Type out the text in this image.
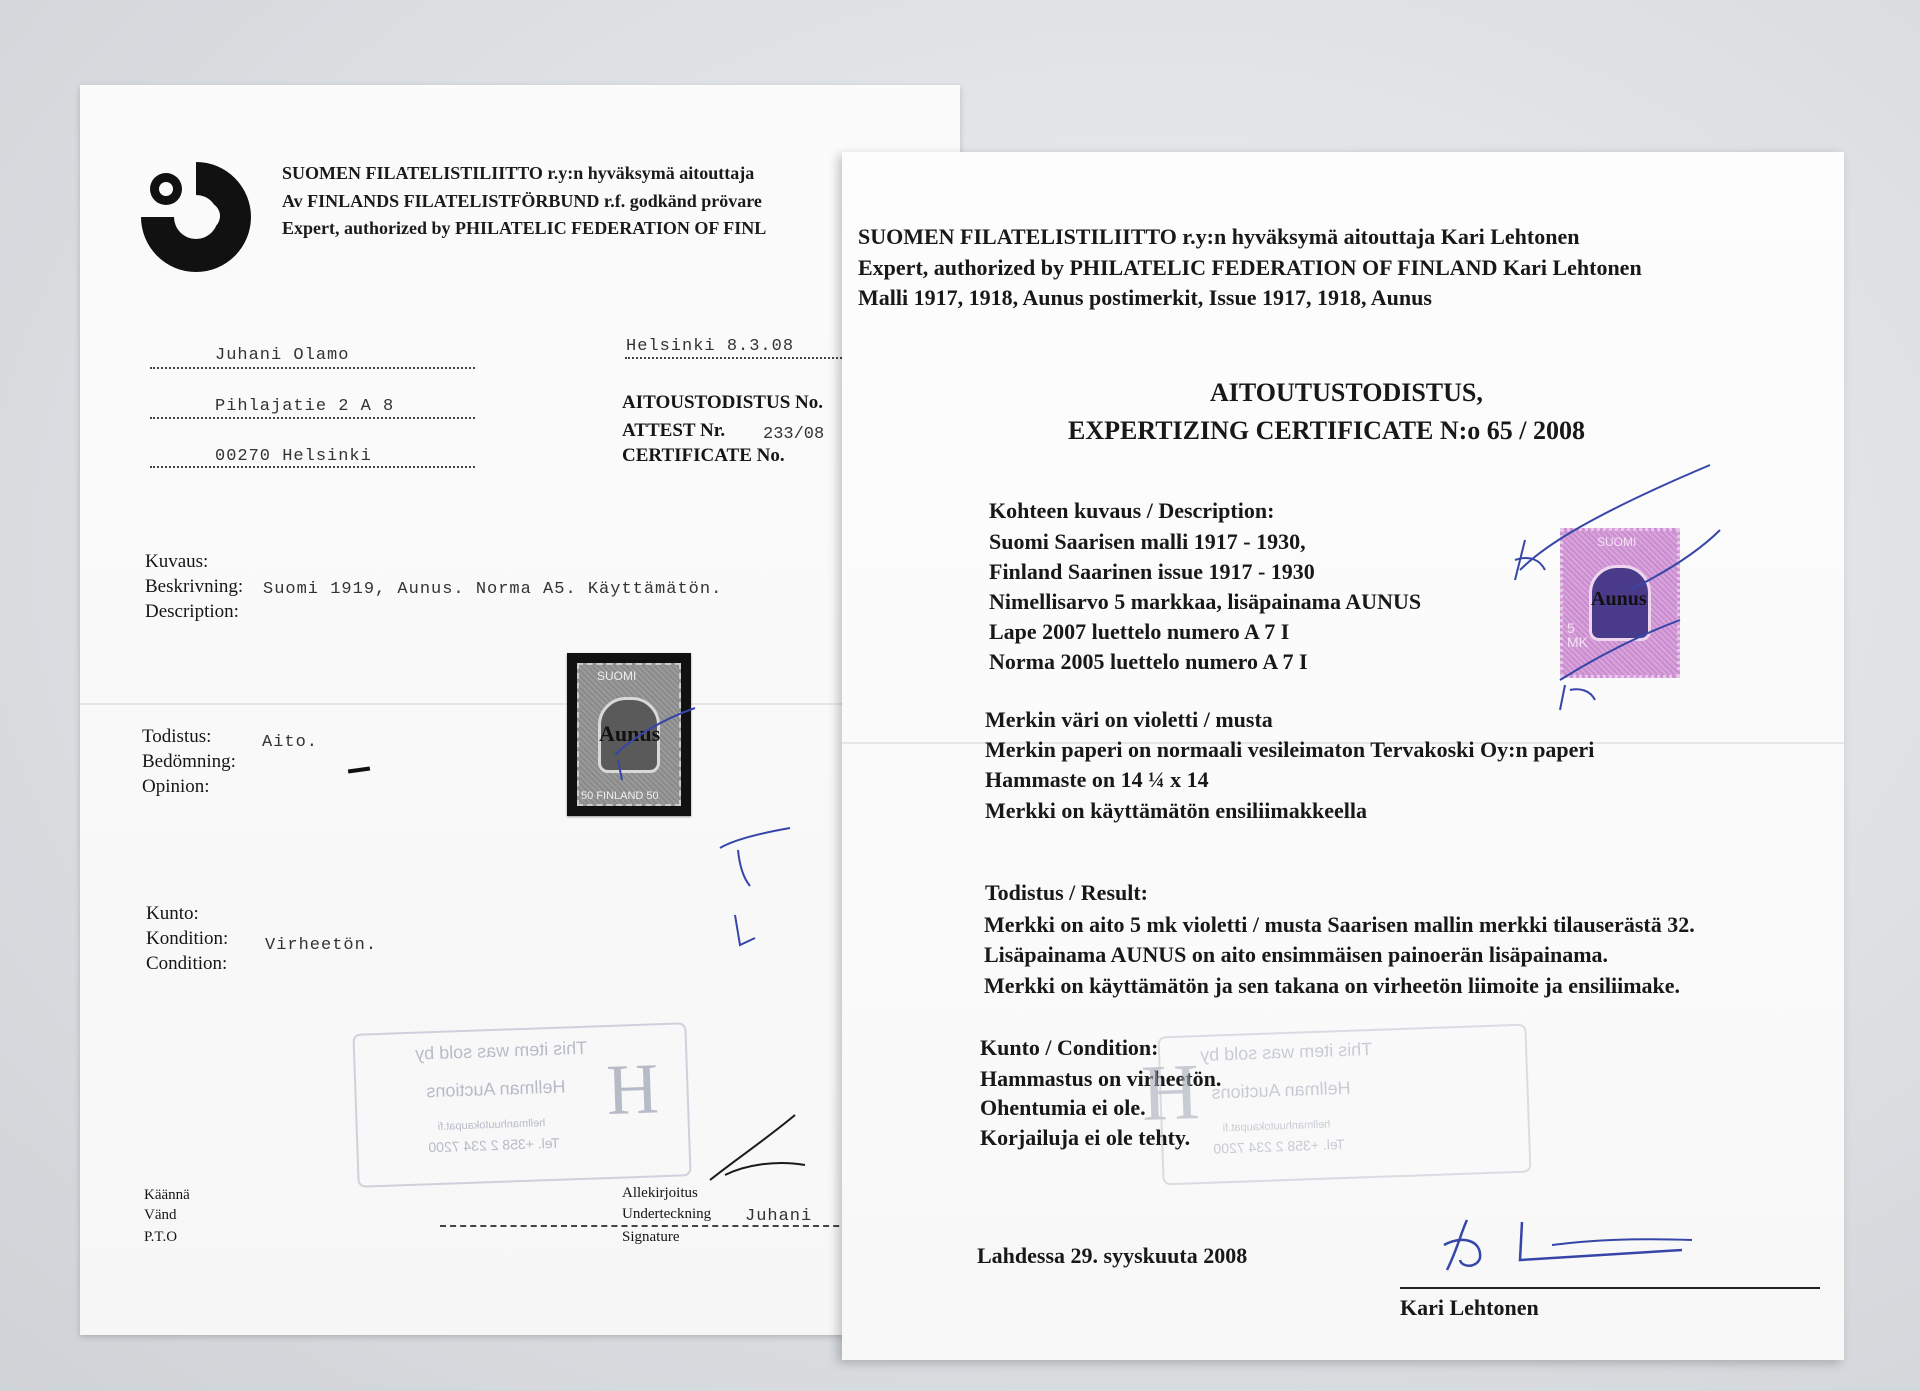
SUOMEN FILATELISTILIITTO r.y:n hyväksymä aitouttaja
Av FINLANDS FILATELISTFÖRBUND r.f. godkänd prövare
Expert, authorized by PHILATELIC FEDERATION OF FINL
Juhani Olamo
Pihlajatie 2 A 8
00270 Helsinki
Helsinki 8.3.08
AITOUSTODISTUS No.
ATTEST Nr.
CERTIFICATE No.
233/08
Kuvaus:
Beskrivning:
Description:
Suomi 1919, Aunus. Norma A5. Käyttämätön.
Todistus:
Bedömning:
Opinion:
Aito.
Kunto:
Kondition:
Condition:
Virheetön.
This item was sold by
Hellman Auctions
hellmanhuutokaupat.fi
Tel. +358 2 234 7200
H
Käännä
Vänd
P.T.O
Allekirjoitus
Underteckning
Signature
Juhani
SUOMI
Aunus
50 FINLAND 50
SUOMEN FILATELISTILIITTO r.y:n hyväksymä aitouttaja Kari Lehtonen
Expert, authorized by PHILATELIC FEDERATION OF FINLAND Kari Lehtonen
Malli 1917, 1918, Aunus postimerkit, Issue 1917, 1918, Aunus
AITOUTUSTODISTUS,
EXPERTIZING CERTIFICATE N:o 65 / 2008
Kohteen kuvaus / Description:
Suomi Saarisen malli 1917 - 1930,
Finland Saarinen issue 1917 - 1930
Nimellisarvo 5 markkaa, lisäpainama AUNUS
Lape 2007 luettelo numero A 7 I
Norma 2005 luettelo numero A 7 I
Merkin väri on violetti / musta
Merkin paperi on normaali vesileimaton Tervakoski Oy:n paperi
Hammaste on 14 ¼ x 14
Merkki on käyttämätön ensiliimakkeella
Todistus / Result:
Merkki on aito 5 mk violetti / musta Saarisen mallin merkki tilauserästä 32.
Lisäpainama AUNUS on aito ensimmäisen painoerän lisäpainama.
Merkki on käyttämätön ja sen takana on virheetön liimoite ja ensiliimake.
Kunto / Condition:
Hammastus on virheetön.
Ohentumia ei ole.
Korjailuja ei ole tehty.
This item was sold by
Hellman Auctions
hellmanhuutokaupat.fi
Tel. +358 2 234 7200
H
Lahdessa 29. syyskuuta 2008
Kari Lehtonen
SUOMI
Aunus
5 MK
